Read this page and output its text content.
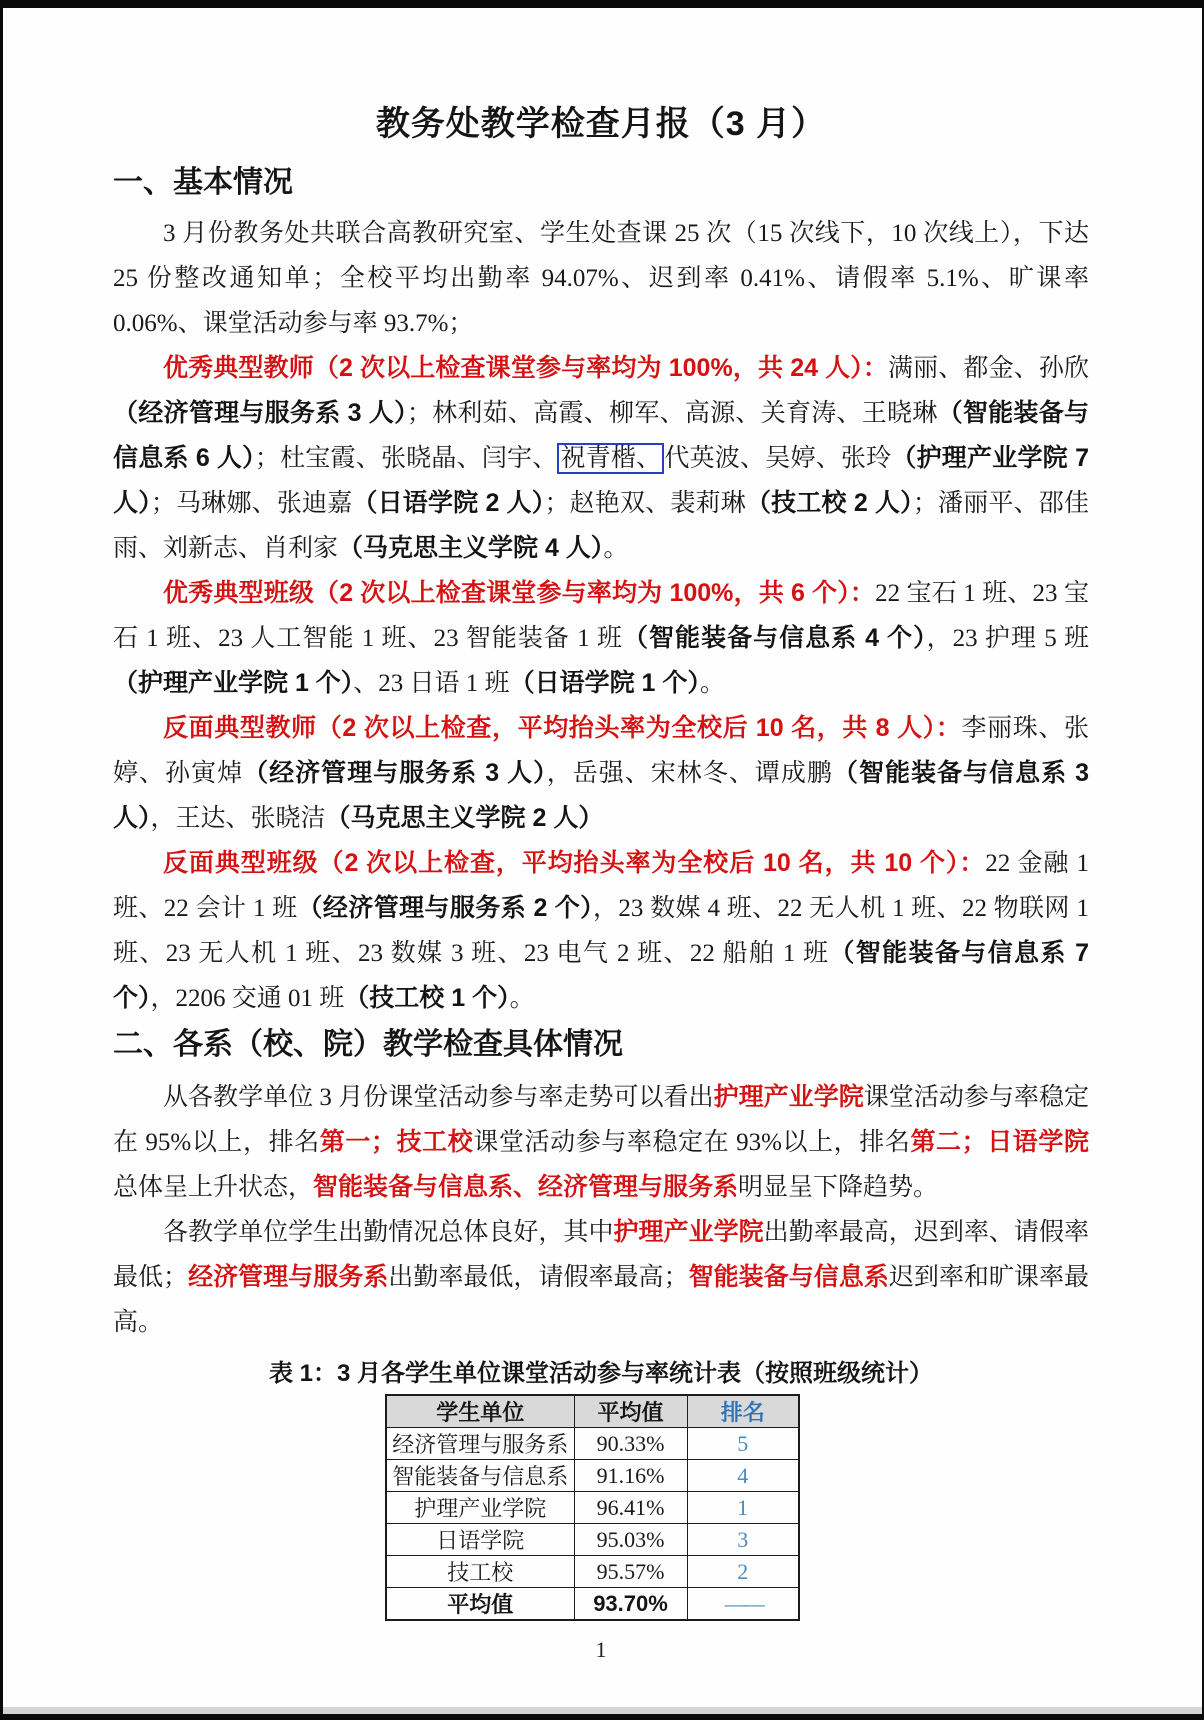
教务处教学检查月报（3 月）
一、基本情况

3 月份教务处共联合高教研究室、学生处查课 25 次（15 次线下，10 次线上），下达 25 份整改通知单；全校平均出勤率 94.07%、迟到率 0.41%、请假率 5.1%、旷课率 0.06%、课堂活动参与率 93.7%；

优秀典型教师（2 次以上检查课堂参与率均为 100%，共 24 人）：满丽、都金、孙欣（经济管理与服务系 3 人）；林利茹、高霞、柳军、高源、关育涛、王晓琳（智能装备与信息系 6 人）；杜宝霞、张晓晶、闫宇、 祝青楷、 代英波、吴婷、张玲（护理产业学院 7 人）；马琳娜、张迪嘉（日语学院 2 人）；赵艳双、裴莉琳（技工校 2 人）；潘丽平、邵佳雨、刘新志、肖利家（马克思主义学院 4 人）。

优秀典型班级（2 次以上检查课堂参与率均为 100%，共 6 个）：22 宝石 1 班、23 宝石 1 班、23 人工智能 1 班、23 智能装备 1 班（智能装备与信息系 4 个），23 护理 5 班（护理产业学院 1 个）、23 日语 1 班（日语学院 1 个）。

反面典型教师（2 次以上检查，平均抬头率为全校后 10 名，共 8 人）：李丽珠、张婷、孙寅焯（经济管理与服务系 3 人），岳强、宋林冬、谭成鹏（智能装备与信息系 3 人），王达、张晓洁（马克思主义学院 2 人）

反面典型班级（2 次以上检查，平均抬头率为全校后 10 名，共 10 个）：22 金融 1 班、22 会计 1 班（经济管理与服务系 2 个），23 数媒 4 班、22 无人机 1 班、22 物联网 1 班、23 无人机 1 班、23 数媒 3 班、23 电气 2 班、22 船舶 1 班（智能装备与信息系 7 个），2206 交通 01 班（技工校 1 个）。

二、各系（校、院）教学检查具体情况

从各教学单位 3 月份课堂活动参与率走势可以看出护理产业学院课堂活动参与率稳定在 95%以上，排名第一；技工校课堂活动参与率稳定在 93%以上，排名第二；日语学院总体呈上升状态，智能装备与信息系、经济管理与服务系明显呈下降趋势。

各教学单位学生出勤情况总体良好，其中护理产业学院出勤率最高，迟到率、请假率最低；经济管理与服务系出勤率最低，请假率最高；智能装备与信息系迟到率和旷课率最高。

表 1：3 月各学生单位课堂活动参与率统计表（按照班级统计）
学生单位	平均值	排名
经济管理与服务系	90.33%	5
智能装备与信息系	91.16%	4
护理产业学院	96.41%	1
日语学院	95.03%	3
技工校	95.57%	2
平均值	93.70%	——
1
